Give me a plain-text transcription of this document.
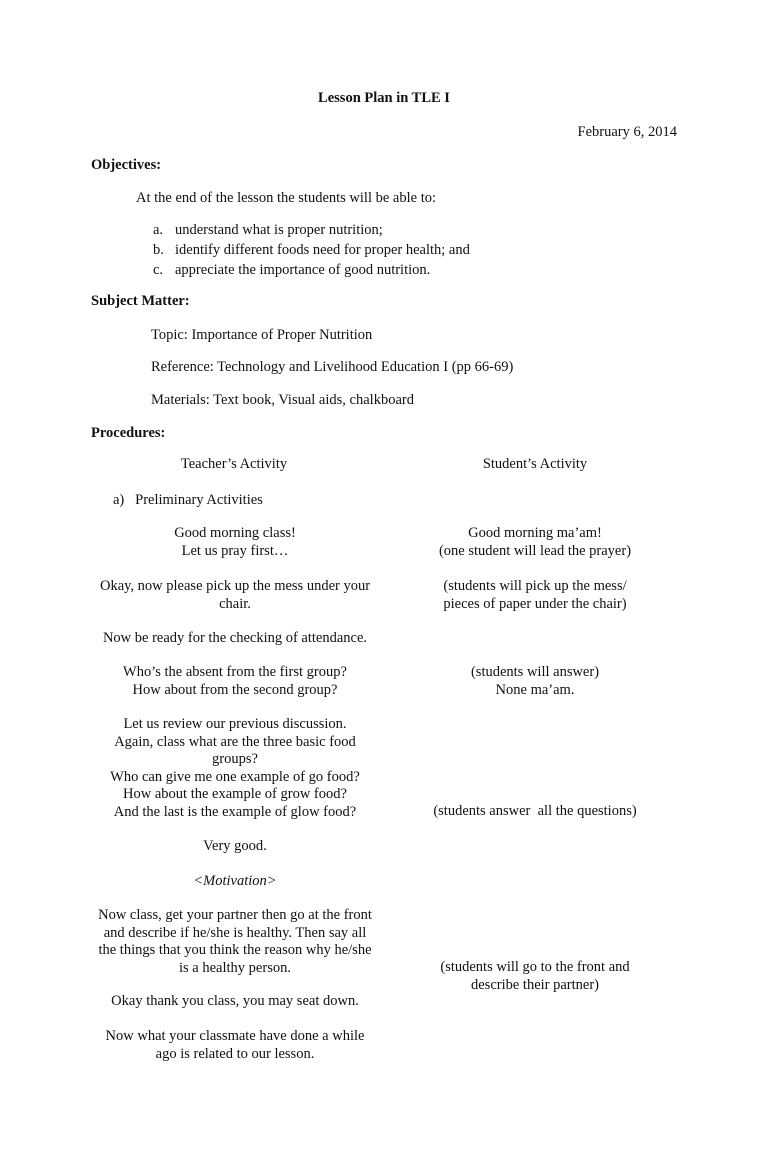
Lesson Plan in TLE I
February 6, 2014
Objectives:
At the end of the lesson the students will be able to:
a. understand what is proper nutrition;
b. identify different foods need for proper health; and
c. appreciate the importance of good nutrition.
Subject Matter:
Topic: Importance of Proper Nutrition
Reference: Technology and Livelihood Education I (pp 66-69)
Materials: Text book, Visual aids, chalkboard
Procedures:
Teacher’s Activity	Student’s Activity
a)   Preliminary Activities
Good morning class!
Let us pray first…
Okay, now please pick up the mess under your
chair.
Now be ready for the checking of attendance.
Who’s the absent from the first group?
How about from the second group?
Let us review our previous discussion.
Again, class what are the three basic food
groups?
Who can give me one example of go food?
How about the example of grow food?
And the last is the example of glow food?
Very good.
<Motivation>
Now class, get your partner then go at the front
and describe if he/she is healthy. Then say all
the things that you think the reason why he/she
is a healthy person.
Okay thank you class, you may seat down.
Now what your classmate have done a while
ago is related to our lesson.
Good morning ma’am!
(one student will lead the prayer)
(students will pick up the mess/
pieces of paper under the chair)
(students will answer)
None ma’am.
(students answer  all the questions)
(students will go to the front and
describe their partner)
